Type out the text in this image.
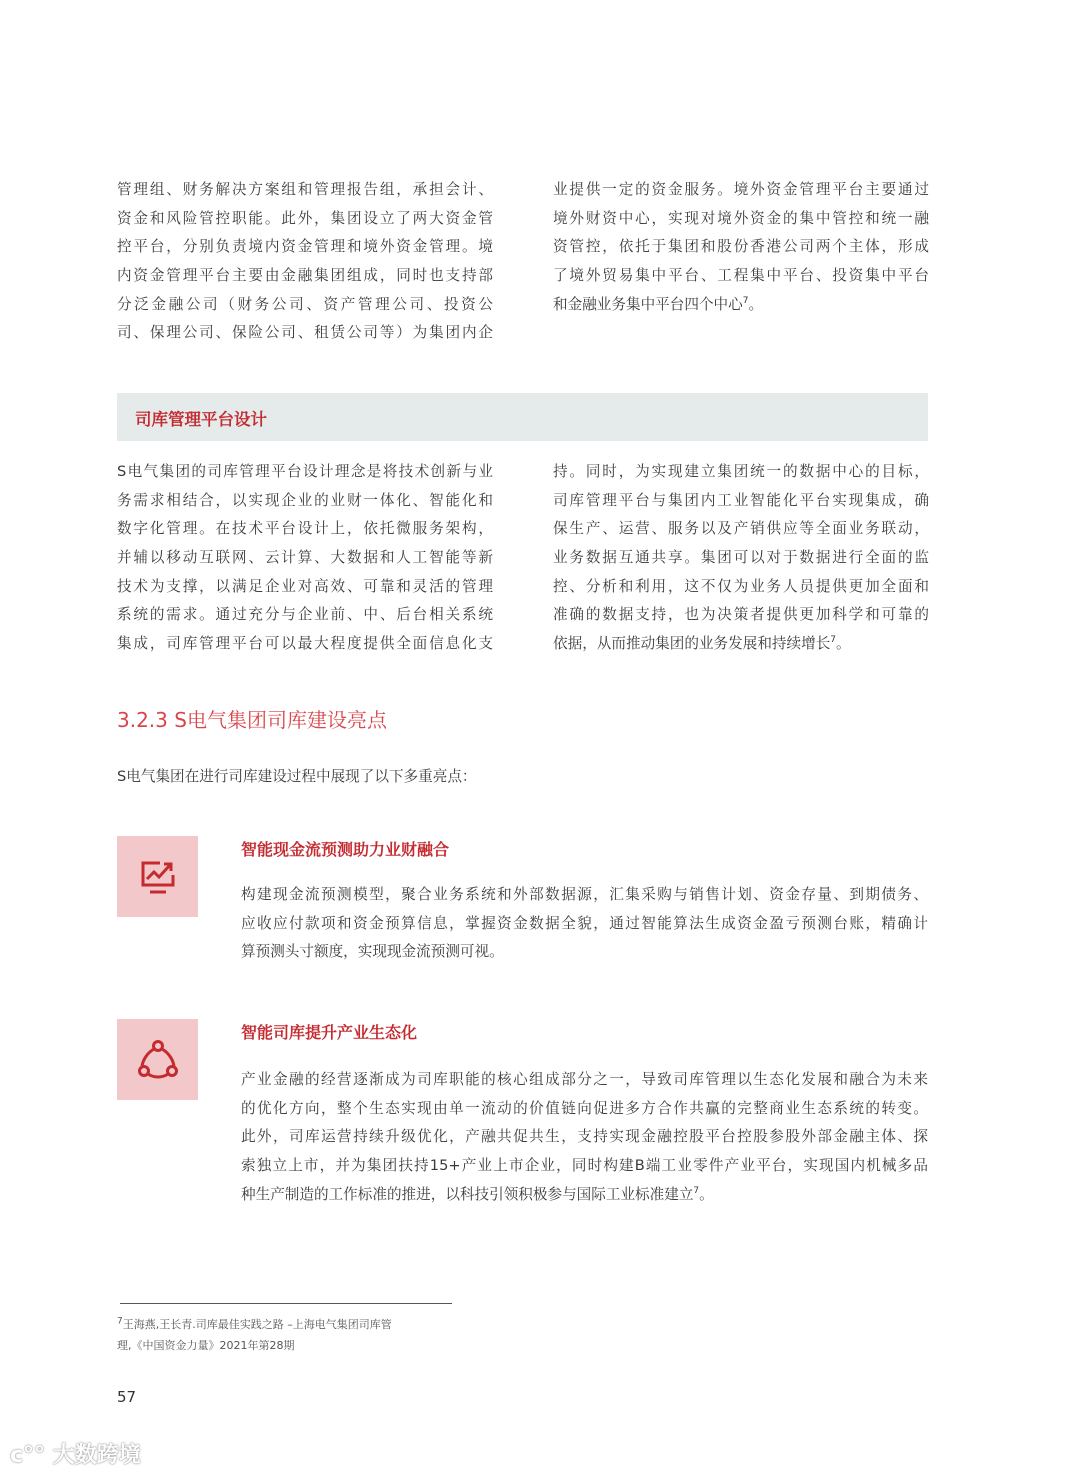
管理组、财务解决方案组和管理报告组，承担会计、
资金和风险管控职能。此外，集团设立了两大资金管
控平台，分别负责境内资金管理和境外资金管理。境
内资金管理平台主要由金融集团组成，同时也支持部
分泛金融公司（财务公司、资产管理公司、投资公
司、保理公司、保险公司、租赁公司等）为集团内企
业提供一定的资金服务。境外资金管理平台主要通过
境外财资中心，实现对境外资金的集中管控和统一融
资管控，依托于集团和股份香港公司两个主体，形成
了境外贸易集中平台、工程集中平台、投资集中平台
和金融业务集中平台四个中心$^7$。
司库管理平台设计
S电气集团的司库管理平台设计理念是将技术创新与业
务需求相结合，以实现企业的业财一体化、智能化和
数字化管理。在技术平台设计上，依托微服务架构，
并辅以移动互联网、云计算、大数据和人工智能等新
技术为支撑，以满足企业对高效、可靠和灵活的管理
系统的需求。通过充分与企业前、中、后台相关系统
集成，司库管理平台可以最大程度提供全面信息化支
持。同时，为实现建立集团统一的数据中心的目标，
司库管理平台与集团内工业智能化平台实现集成，确
保生产、运营、服务以及产销供应等全面业务联动，
业务数据互通共享。集团可以对于数据进行全面的监
控、分析和利用，这不仅为业务人员提供更加全面和
准确的数据支持，也为决策者提供更加科学和可靠的
依据，从而推动集团的业务发展和持续增长$^7$。
3.2.3 S电气集团司库建设亮点
S电气集团在进行司库建设过程中展现了以下多重亮点：
智能现金流预测助力业财融合
构建现金流预测模型，聚合业务系统和外部数据源，汇集采购与销售计划、资金存量、到期债务、
应收应付款项和资金预算信息，掌握资金数据全貌，通过智能算法生成资金盈亏预测台账，精确计
算预测头寸额度，实现现金流预测可视。
智能司库提升产业生态化
产业金融的经营逐渐成为司库职能的核心组成部分之一，导致司库管理以生态化发展和融合为未来
的优化方向，整个生态实现由单一流动的价值链向促进多方合作共赢的完整商业生态系统的转变。
此外，司库运营持续升级优化，产融共促共生，支持实现金融控股平台控股参股外部金融主体、探
索独立上市，并为集团扶持15+产业上市企业，同时构建B端工业零件产业平台，实现国内机械多品
种生产制造的工作标准的推进，以科技引领积极参与国际工业标准建立$^7$。
$^7$王海燕,王长青.司库最佳实践之路 –上海电气集团司库管
理,《中国资金力量》2021年第28期
57
ᴄ°° 大数跨境
